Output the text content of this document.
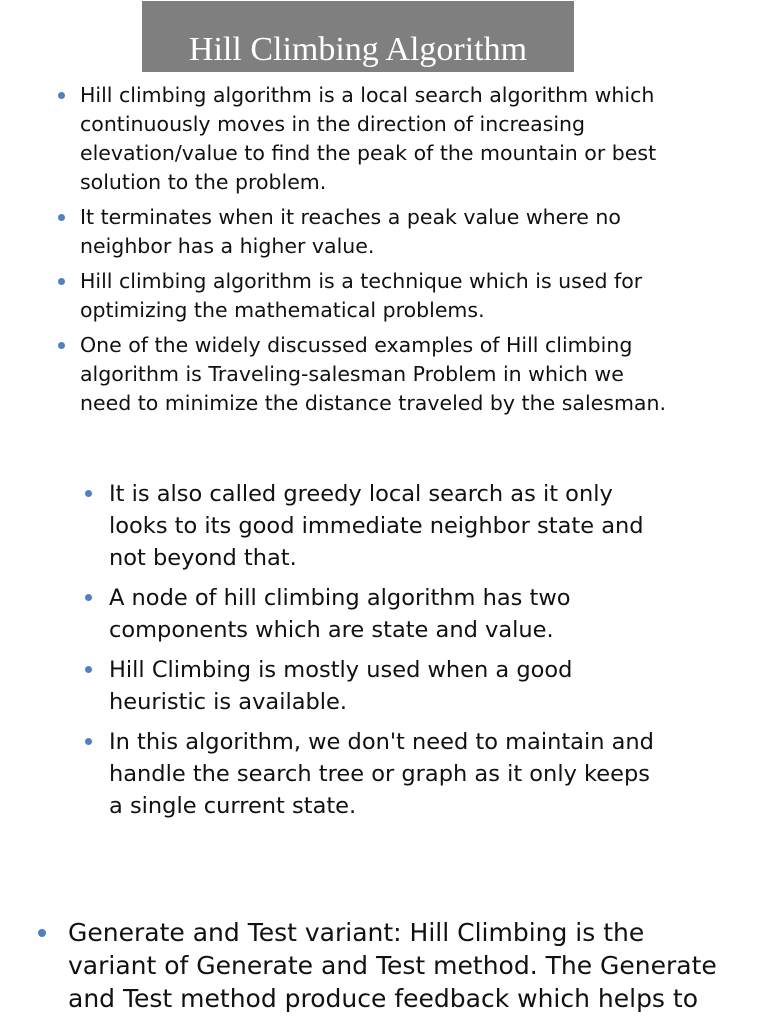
Hill Climbing Algorithm
Hill climbing algorithm is a local search algorithm which
continuously moves in the direction of increasing
elevation/value to find the peak of the mountain or best
solution to the problem.
It terminates when it reaches a peak value where no
neighbor has a higher value.
Hill climbing algorithm is a technique which is used for
optimizing the mathematical problems.
One of the widely discussed examples of Hill climbing
algorithm is Traveling-salesman Problem in which we
need to minimize the distance traveled by the salesman.
It is also called greedy local search as it only
looks to its good immediate neighbor state and
not beyond that.
A node of hill climbing algorithm has two
components which are state and value.
Hill Climbing is mostly used when a good
heuristic is available.
In this algorithm, we don't need to maintain and
handle the search tree or graph as it only keeps
a single current state.
Generate and Test variant: Hill Climbing is the
variant of Generate and Test method. The Generate
and Test method produce feedback which helps to
